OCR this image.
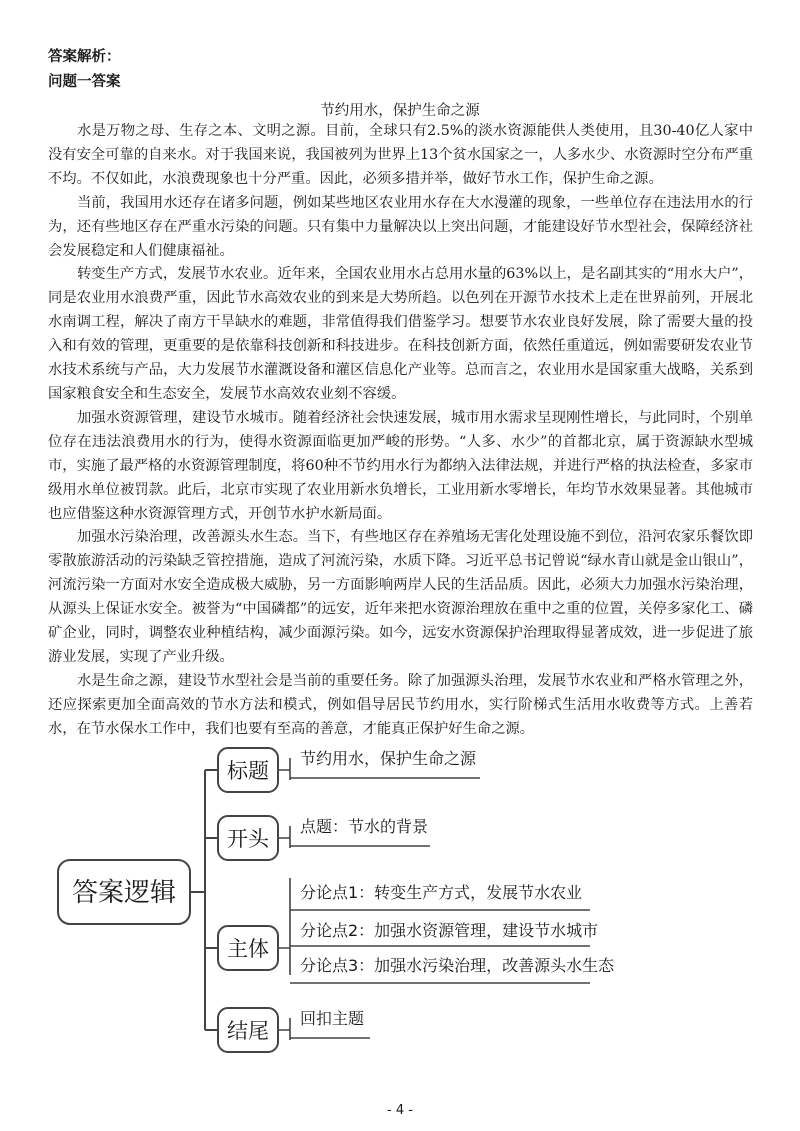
答案解析：
问题一答案
节约用水，保护生命之源

水是万物之母、生存之本、文明之源。目前，全球只有2.5%的淡水资源能供人类使用，且30-40亿人家中没有安全可靠的自来水。对于我国来说，我国被列为世界上13个贫水国家之一，人多水少、水资源时空分布严重不均。不仅如此，水浪费现象也十分严重。因此，必须多措并举，做好节水工作，保护生命之源。

当前，我国用水还存在诸多问题，例如某些地区农业用水存在大水漫灌的现象，一些单位存在违法用水的行为，还有些地区存在严重水污染的问题。只有集中力量解决以上突出问题，才能建设好节水型社会，保障经济社会发展稳定和人们健康福祉。

转变生产方式，发展节水农业。近年来，全国农业用水占总用水量的63%以上，是名副其实的“用水大户”，同是农业用水浪费严重，因此节水高效农业的到来是大势所趋。以色列在开源节水技术上走在世界前列，开展北水南调工程，解决了南方干旱缺水的难题，非常值得我们借鉴学习。想要节水农业良好发展，除了需要大量的投入和有效的管理，更重要的是依靠科技创新和科技进步。在科技创新方面，依然任重道远，例如需要研发农业节水技术系统与产品，大力发展节水灌溉设备和灌区信息化产业等。总而言之，农业用水是国家重大战略，关系到国家粮食安全和生态安全，发展节水高效农业刻不容缓。

加强水资源管理，建设节水城市。随着经济社会快速发展，城市用水需求呈现刚性增长，与此同时，个别单位存在违法浪费用水的行为，使得水资源面临更加严峻的形势。“人多、水少”的首都北京，属于资源缺水型城市，实施了最严格的水资源管理制度，将60种不节约用水行为都纳入法律法规，并进行严格的执法检查，多家市级用水单位被罚款。此后，北京市实现了农业用新水负增长，工业用新水零增长，年均节水效果显著。其他城市也应借鉴这种水资源管理方式，开创节水护水新局面。

加强水污染治理，改善源头水生态。当下，有些地区存在养殖场无害化处理设施不到位，沿河农家乐餐饮即零散旅游活动的污染缺乏管控措施，造成了河流污染，水质下降。习近平总书记曾说“绿水青山就是金山银山”，河流污染一方面对水安全造成极大威胁，另一方面影响两岸人民的生活品质。因此，必须大力加强水污染治理，从源头上保证水安全。被誉为“中国磷都”的远安，近年来把水资源治理放在重中之重的位置，关停多家化工、磷矿企业，同时，调整农业种植结构，减少面源污染。如今，远安水资源保护治理取得显著成效，进一步促进了旅游业发展，实现了产业升级。

水是生命之源，建设节水型社会是当前的重要任务。除了加强源头治理，发展节水农业和严格水管理之外，还应探索更加全面高效的节水方法和模式，例如倡导居民节约用水，实行阶梯式生活用水收费等方式。上善若水，在节水保水工作中，我们也要有至高的善意，才能真正保护好生命之源。

答案逻辑
标题
节约用水，保护生命之源
开头
点题：节水的背景
主体
分论点1：转变生产方式，发展节水农业
分论点2：加强水资源管理，建设节水城市
分论点3：加强水污染治理，改善源头水生态
结尾
回扣主题
- 4 -
